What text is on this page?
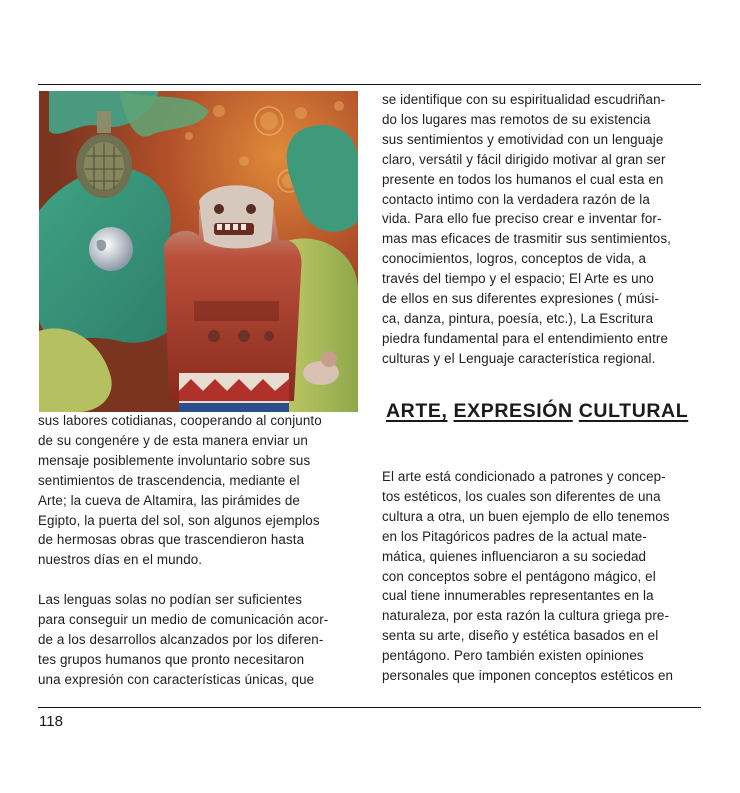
sus labores cotidianas, cooperando al conjunto
de su congenére y de esta manera enviar un
mensaje posiblemente involuntario sobre sus
sentimientos de trascendencia, mediante el
Arte; la cueva de Altamira, las pirámides de
Egipto, la puerta del sol, son algunos ejemplos
de hermosas obras que trascendieron hasta
nuestros días en el mundo.
Las lenguas solas no podían ser suficientes
para conseguir un medio de comunicación acor-
de a los desarrollos alcanzados por los diferen-
tes grupos humanos que pronto necesitaron
una expresión con características únicas, que
se identifique con su espiritualidad escudriñan-
do los lugares mas remotos de su existencia
sus sentimientos y emotividad con un lenguaje
claro, versátil y fácil dirigido motivar al gran ser
presente en todos los humanos el cual esta en
contacto intimo con la verdadera razón de la
vida. Para ello fue preciso crear e inventar for-
mas mas eficaces de trasmitir sus sentimientos,
conocimientos, logros, conceptos de vida, a
través del tiempo y el espacio; El Arte es uno
de ellos en sus diferentes expresiones ( músi-
ca, danza, pintura, poesía, etc.), La Escritura
piedra fundamental para el entendimiento entre
culturas y el Lenguaje característica regional.
ARTE, EXPRESIÓN CULTURAL
El arte está condicionado a patrones y concep-
tos estéticos, los cuales son diferentes de una
cultura a otra, un buen ejemplo de ello tenemos
en los Pitagóricos padres de la actual mate-
mática, quienes influenciaron a su sociedad
con conceptos sobre el pentágono mágico, el
cual tiene innumerables representantes en la
naturaleza, por esta razón la cultura griega pre-
senta su arte, diseño y estética basados en el
pentágono. Pero también existen opiniones
personales que imponen conceptos estéticos en
118
